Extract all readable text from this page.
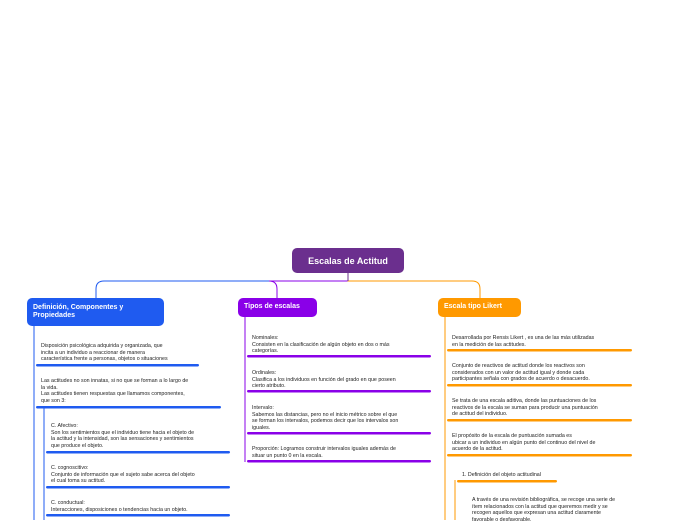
Escalas de Actitud
Definición, Componentes y Propiedades
Tipos de escalas	Escala tipo Likert
Disposición psicológica adquirida y organizada, que
incita a un individuo a reaccionar de manera
característica frente a personas, objetos o situaciones
Las actitudes no son innatas, si no que se forman a lo largo de
la vida.
Las actitudes tienen respuestas que llamamos componentes,
que son 3:
C. Afectivo:
Son los sentimientos que el individuo tiene hacia el objeto de
la actitud y la intensidad, son las sensaciones y sentimientos
que produce el objeto.
C. cognoscitivo:
Conjunto de información que el sujeto sabe acerca del objeto
el cual toma su actitud.
C. conductual:
Interacciones, disposiciones o tendencias hacia un objeto.
Nominales:
Consisten en la clasificación de algún objeto en dos o más
categorías.
Ordinales:
Clasifica a los individuos en función del grado en que poseen
cierto atributo.
Intervalo:
Sabemos las distancias, pero no el inicio métrico sobre el que
se forman los intervalos, podemos decir que los intervalos son
iguales.
Proporción: Logramos construir intervalos iguales además de
situar un punto 0 en la escala.
Desarrollada por Rensis Likert , es una de las más utilizadas
en la medición de las actitudes.
Conjunto de reactivos de actitud donde los reactivos son
considerados con un valor de actitud igual y donde cada
participantes señala con grados de acuerdo o desacuerdo.
Se trata de una escala aditiva, donde las puntuaciones de los
reactivos de la escala se suman para producir una puntuación
de actitud del individuo.
El propósito de la escala de puntuación sumada es
ubicar a un individuo en algún punto del continuo del nivel de
acuerdo de la actitud.
1. Definición del objeto actitudinal
A través de una revisión bibliográfica, se recoge una serie de
ítem relacionados con la actitud que queremos medir y se
recogen aquellos que expresan una actitud claramente
favorable o desfavorable.
